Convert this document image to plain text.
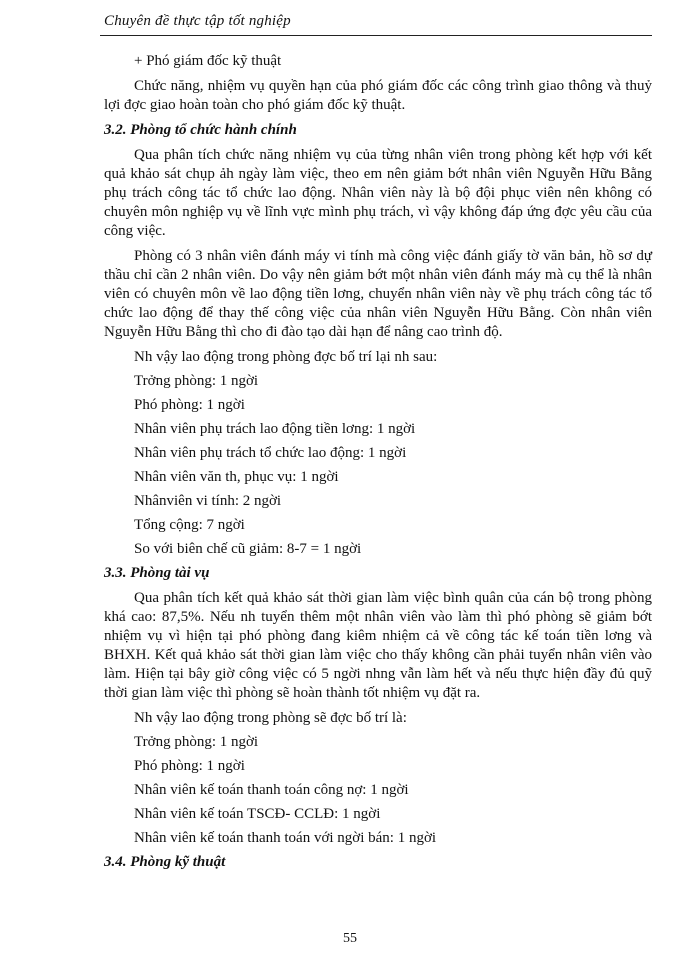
Chuyên đề thực tập tốt nghiệp

+ Phó giám đốc kỹ thuật

Chức năng, nhiệm vụ quyền hạn của phó giám đốc các công trình giao thông và thuỷ lợi đợc giao hoàn toàn cho phó giám đốc kỹ thuật.

3.2. Phòng tổ chức hành chính

Qua phân tích chức năng nhiệm vụ của từng nhân viên trong phòng kết hợp với kết quả khảo sát chụp ảh ngày làm việc, theo em nên giảm bớt nhân viên Nguyễn Hữu Bằng phụ trách công tác tổ chức lao động. Nhân viên này là bộ đội phục viên nên không có chuyên môn nghiệp vụ về lĩnh vực mình phụ trách, vì vậy không đáp ứng đợc yêu cầu của công việc.

Phòng có 3 nhân viên đánh máy vi tính mà công việc đánh giấy tờ văn bản, hồ sơ dự thầu chỉ cần 2 nhân viên. Do vậy nên giảm bớt một nhân viên đánh máy mà cụ thể là nhân viên có chuyên môn về lao động tiền lơng, chuyển nhân viên này về phụ trách công tác tổ chức lao động để thay thế công việc của nhân viên Nguyễn Hữu Bằng. Còn nhân viên Nguyễn Hữu Bằng thì cho đi đào tạo dài hạn để nâng cao trình độ.

Nh vậy lao động trong phòng đợc bố trí lại nh sau:

Trởng phòng: 1 ngời

Phó phòng: 1 ngời

Nhân viên phụ trách lao động tiền lơng: 1 ngời

Nhân viên phụ trách tổ chức lao động: 1 ngời

Nhân viên văn th, phục vụ: 1 ngời

Nhânviên vi tính: 2 ngời

Tổng cộng: 7 ngời

So với biên chế cũ giảm: 8-7 = 1 ngời

3.3. Phòng tài vụ

Qua phân tích kết quả khảo sát thời gian làm việc bình quân của cán bộ trong phòng khá cao: 87,5%. Nếu nh tuyển thêm một nhân viên vào làm thì phó phòng sẽ giảm bớt nhiệm vụ vì hiện tại phó phòng đang kiêm nhiệm cả về công tác kế toán tiền lơng và BHXH. Kết quả khảo sát thời gian làm việc cho thấy không cần phải tuyển nhân viên vào làm. Hiện tại bây giờ công việc có 5 ngời nhng vẫn làm hết và nếu thực hiện đầy đủ quỹ thời gian làm việc thì phòng sẽ hoàn thành tốt nhiệm vụ đặt ra.

Nh vậy lao động trong phòng sẽ đợc bố trí là:

Trởng phòng: 1 ngời

Phó phòng: 1 ngời

Nhân viên kế toán thanh toán công nợ: 1 ngời

Nhân viên kế toán TSCĐ- CCLĐ: 1 ngời

Nhân viên kế toán thanh toán với ngời bán: 1 ngời

3.4. Phòng kỹ thuật

55
